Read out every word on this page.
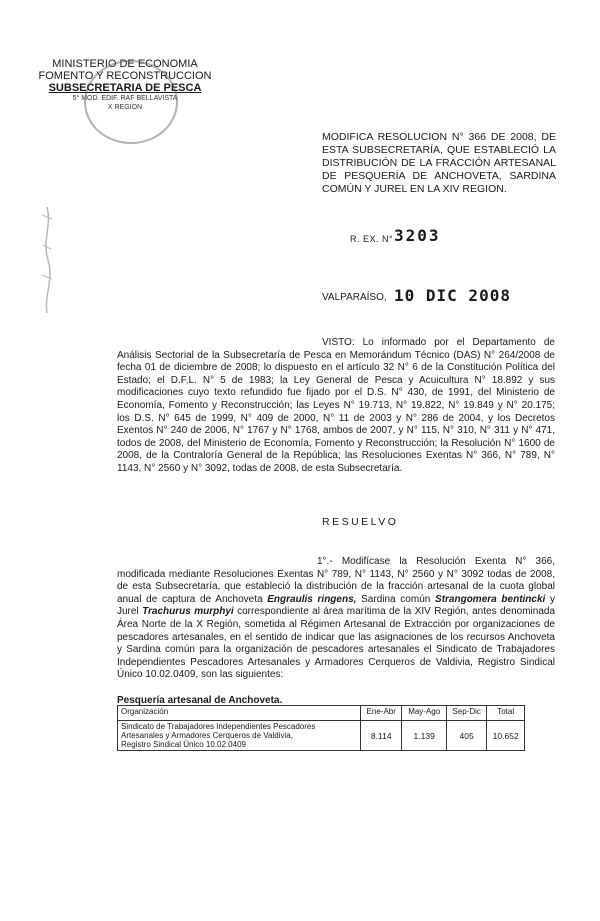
MINISTERIO DE ECONOMIA
FOMENTO Y RECONSTRUCCION
SUBSECRETARIA DE PESCA
5° MOD. EDIF. RAF BELLAVISTA
X REGION
MODIFICA RESOLUCION N° 366 DE 2008, DE ESTA SUBSECRETARÍA, QUE ESTABLECIÓ LA DISTRIBUCIÓN DE LA FRACCIÓN ARTESANAL DE PESQUERÍA DE ANCHOVETA, SARDINA COMÚN Y JUREL EN LA XIV REGION.
R. EX. N° 3203
VALPARAÍSO, 10 DIC 2008
VISTO: Lo informado por el Departamento de Análisis Sectorial de la Subsecretaría de Pesca en Memorándum Técnico (DAS) N° 264/2008 de fecha 01 de diciembre de 2008; lo dispuesto en el artículo 32 N° 6 de la Constitución Política del Estado; el D.F.L. N° 5 de 1983; la Ley General de Pesca y Acuicultura N° 18.892 y sus modificaciones cuyo texto refundido fue fijado por el D.S. N° 430, de 1991, del Ministerio de Economía, Fomento y Reconstrucción; las Leyes N° 19.713, N° 19.822, N° 19.849 y N° 20.175; los D.S. N° 645 de 1999, N° 409 de 2000, N° 11 de 2003 y N° 286 de 2004, y los Decretos Exentos N° 240 de 2006, N° 1767 y N° 1768, ambos de 2007, y N° 115, N° 310, N° 311 y N° 471, todos de 2008, del Ministerio de Economía, Fomento y Reconstrucción; la Resolución N° 1600 de 2008, de la Contraloría General de la República; las Resoluciones Exentas N° 366, N° 789, N° 1143, N° 2560 y N° 3092, todas de 2008, de esta Subsecretaría.
RESUELVO
1°.- Modifícase la Resolución Exenta N° 366, modificada mediante Resoluciones Exentas N° 789, N° 1143, N° 2560 y N° 3092 todas de 2008, de esta Subsecretaría, que estableció la distribución de la fracción artesanal de la cuota global anual de captura de Anchoveta Engraulis ringens, Sardina común Strangomera bentincki y Jurel Trachurus murphyi correspondiente al área marítima de la XIV Región, antes denominada Área Norte de la X Región, sometida al Régimen Artesanal de Extracción por organizaciones de pescadores artesanales, en el sentido de indicar que las asignaciones de los recursos Anchoveta y Sardina común para la organización de pescadores artesanales el Sindicato de Trabajadores Independientes Pescadores Artesanales y Armadores Cerqueros de Valdivia, Registro Sindical Único 10.02.0409, son las siguientes:
Pesquería artesanal de Anchoveta.
Organización	Ene-Abr	May-Ago	Sep-Dic	Total

Sindicato de Trabajadores Independientes Pescadores
Artesanales y Armadores Cerqueros de Valdivia,
Registro Sindical Único 10.02.0409	8.114	1.139	405	10.652
